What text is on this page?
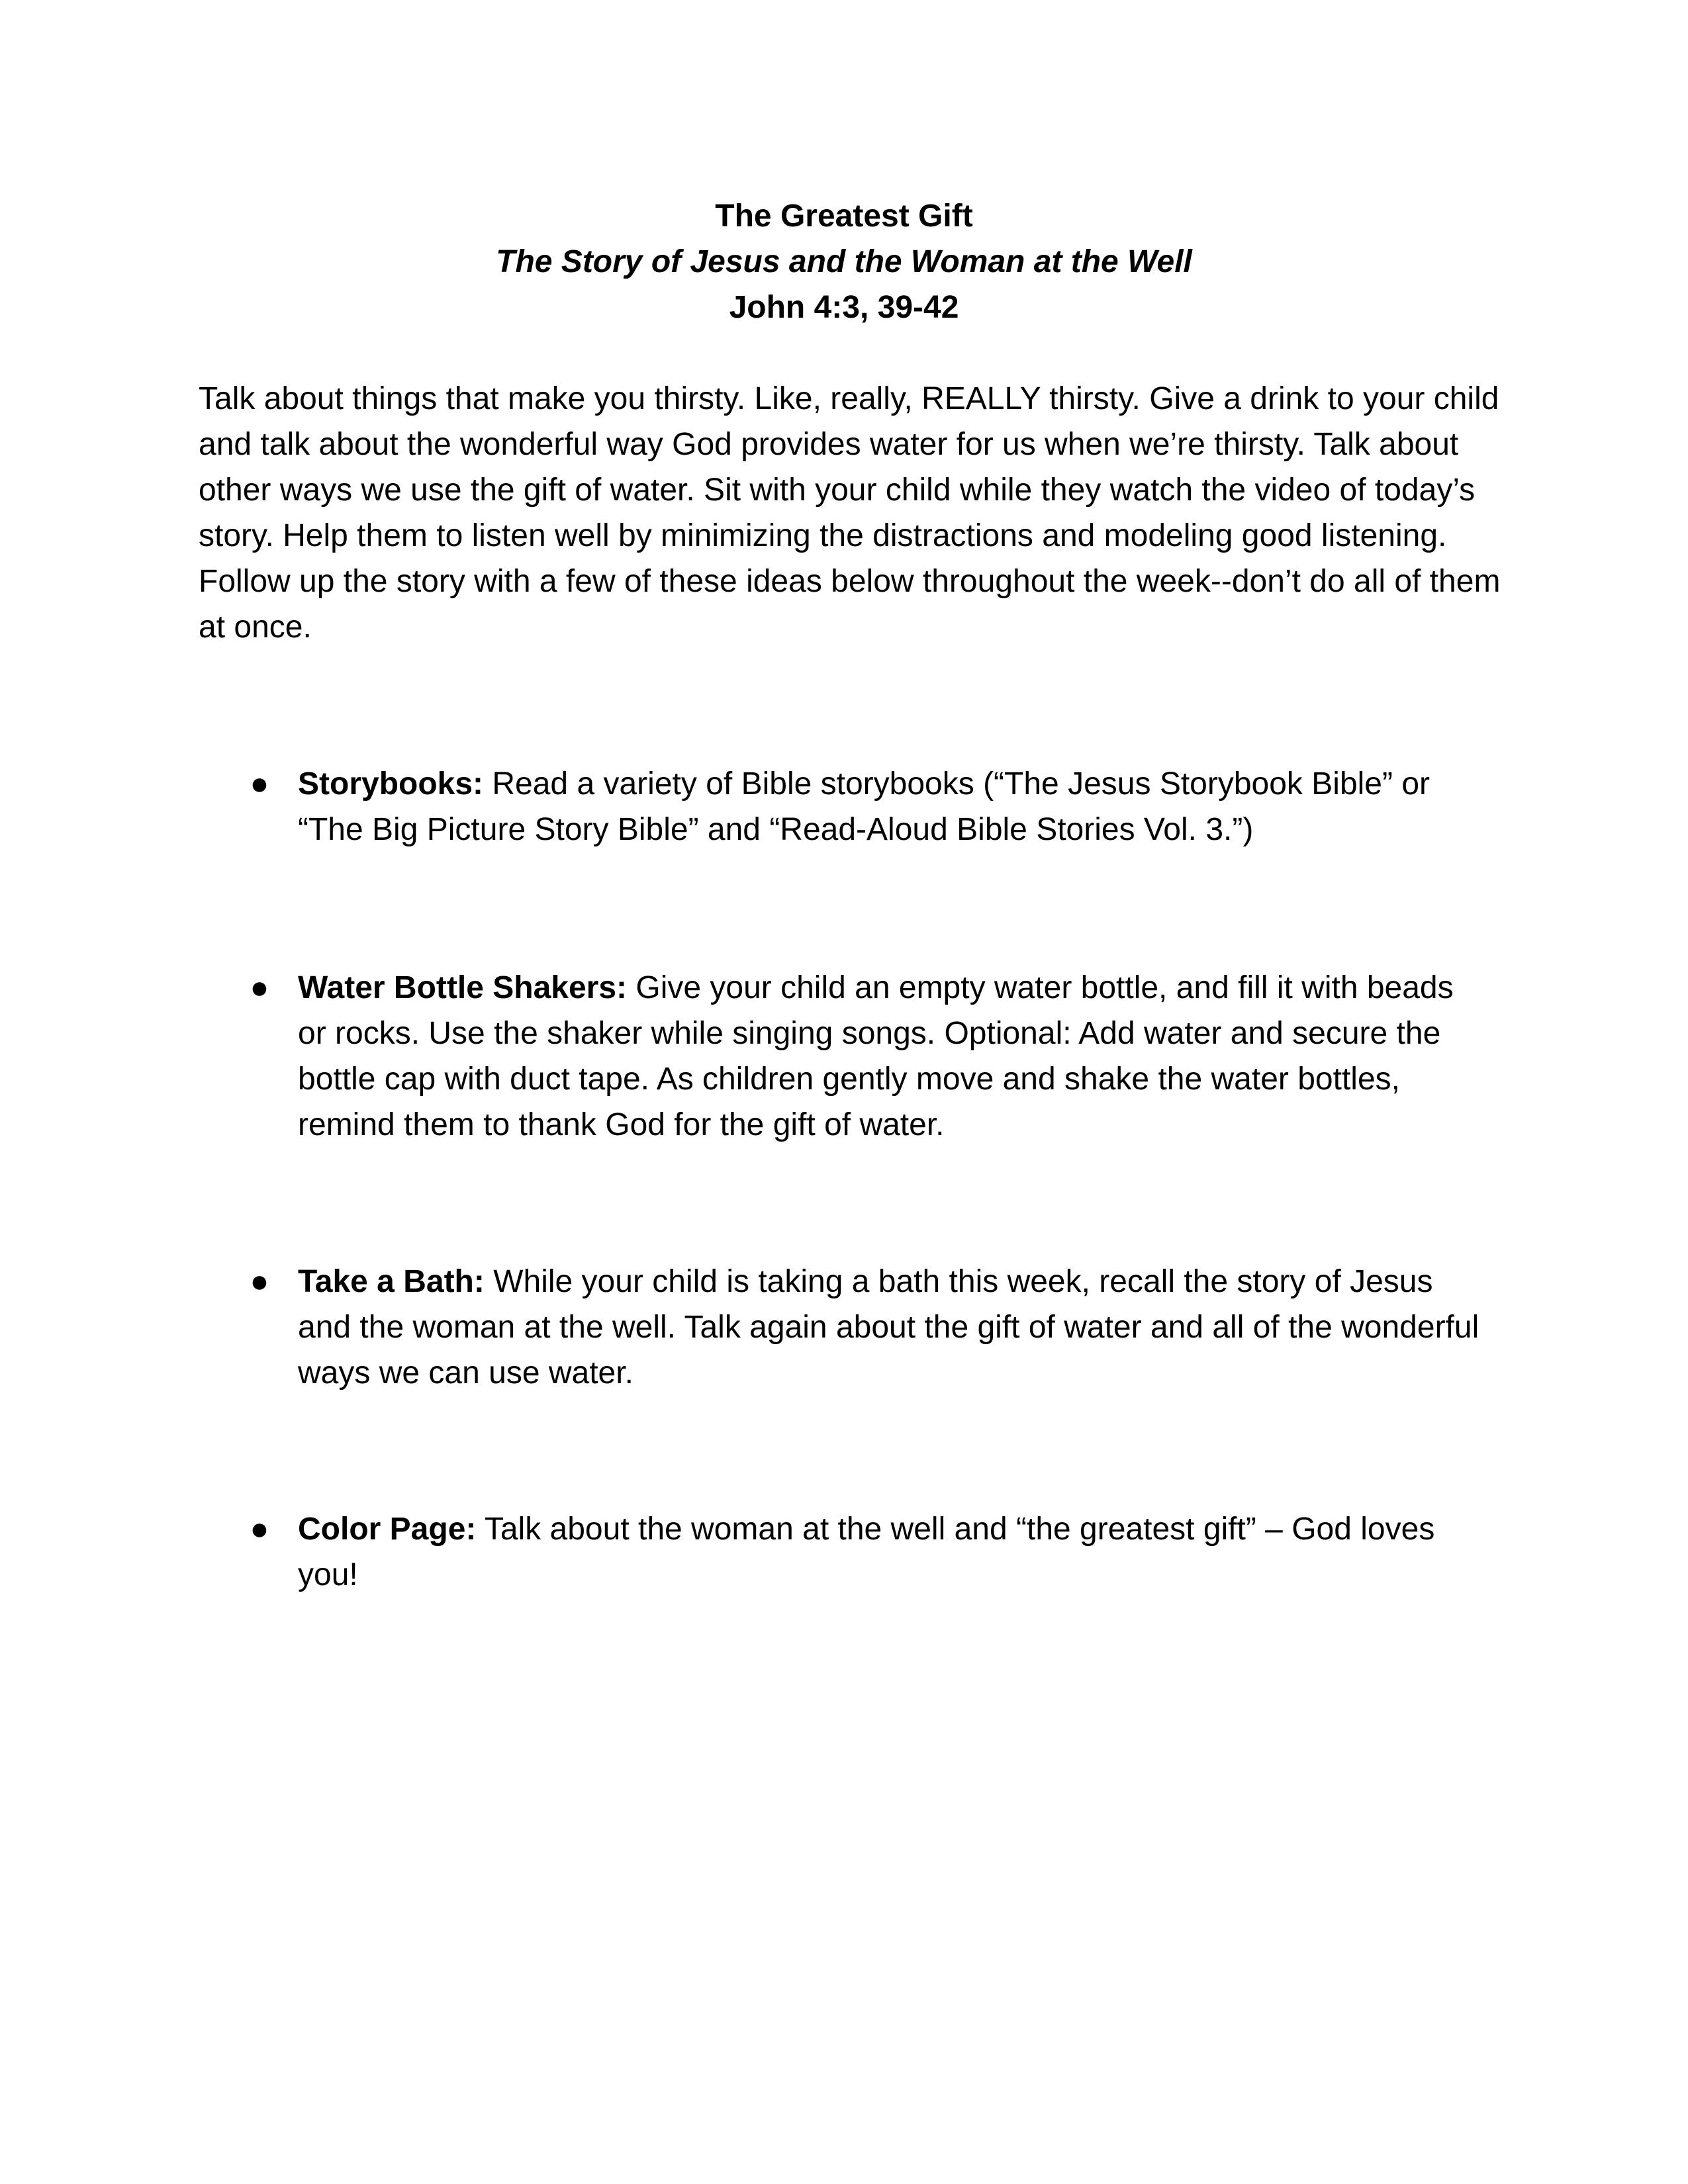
The Greatest Gift
The Story of Jesus and the Woman at the Well
John 4:3, 39-42

Talk about things that make you thirsty. Like, really, REALLY thirsty. Give a drink to your child and talk about the wonderful way God provides water for us when we’re thirsty. Talk about other ways we use the gift of water. Sit with your child while they watch the video of today’s story. Help them to listen well by minimizing the distractions and modeling good listening. Follow up the story with a few of these ideas below throughout the week--don’t do all of them at once.

● Storybooks: Read a variety of Bible storybooks (“The Jesus Storybook Bible” or “The Big Picture Story Bible” and “Read-Aloud Bible Stories Vol. 3.”)
● Water Bottle Shakers: Give your child an empty water bottle, and fill it with beads or rocks. Use the shaker while singing songs. Optional: Add water and secure the bottle cap with duct tape. As children gently move and shake the water bottles, remind them to thank God for the gift of water.
● Take a Bath: While your child is taking a bath this week, recall the story of Jesus and the woman at the well. Talk again about the gift of water and all of the wonderful ways we can use water.
● Color Page: Talk about the woman at the well and “the greatest gift” – God loves you!
